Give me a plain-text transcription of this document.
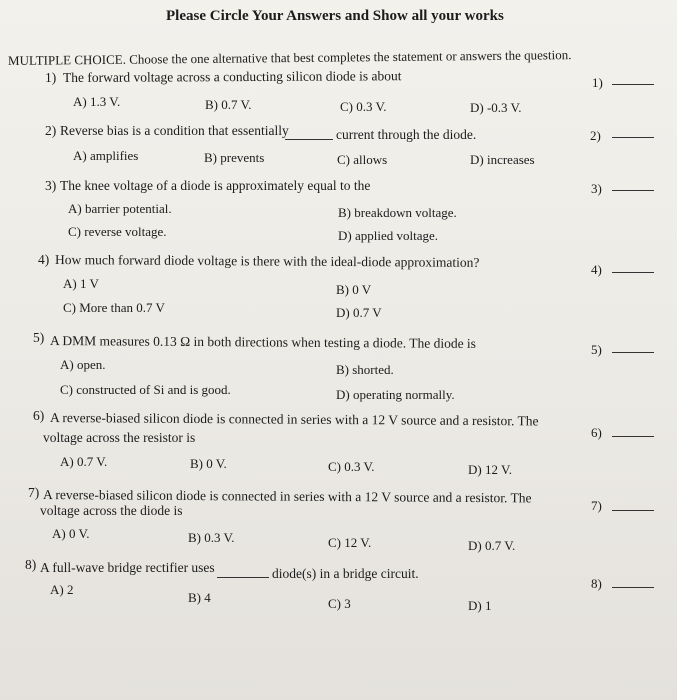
Please Circle Your Answers and Show all your works
MULTIPLE CHOICE. Choose the one alternative that best completes the statement or answers the question.
1) The forward voltage across a conducting silicon diode is about
A) 1.3 V.	B) 0.7 V.	C) 0.3 V.	D) -0.3 V.
1)
2) Reverse bias is a condition that essentially	current through the diode.
A) amplifies	B) prevents	C) allows	D) increases
2)
3) The knee voltage of a diode is approximately equal to the
A) barrier potential.	B) breakdown voltage.
C) reverse voltage.	D) applied voltage.
3)
4) How much forward diode voltage is there with the ideal-diode approximation?
A) 1 V	B) 0 V
C) More than 0.7 V	D) 0.7 V
4)
5) A DMM measures 0.13 Ω in both directions when testing a diode. The diode is
A) open.	B) shorted.
C) constructed of Si and is good.	D) operating normally.
5)
6) A reverse-biased silicon diode is connected in series with a 12 V source and a resistor. The
voltage across the resistor is
A) 0.7 V.	B) 0 V.	C) 0.3 V.	D) 12 V.
6)
7) A reverse-biased silicon diode is connected in series with a 12 V source and a resistor. The
voltage across the diode is
A) 0 V.	B) 0.3 V.	C) 12 V.	D) 0.7 V.
7)
8) A full-wave bridge rectifier uses	diode(s) in a bridge circuit.
A) 2
B) 4	C) 3	D) 1
8)
